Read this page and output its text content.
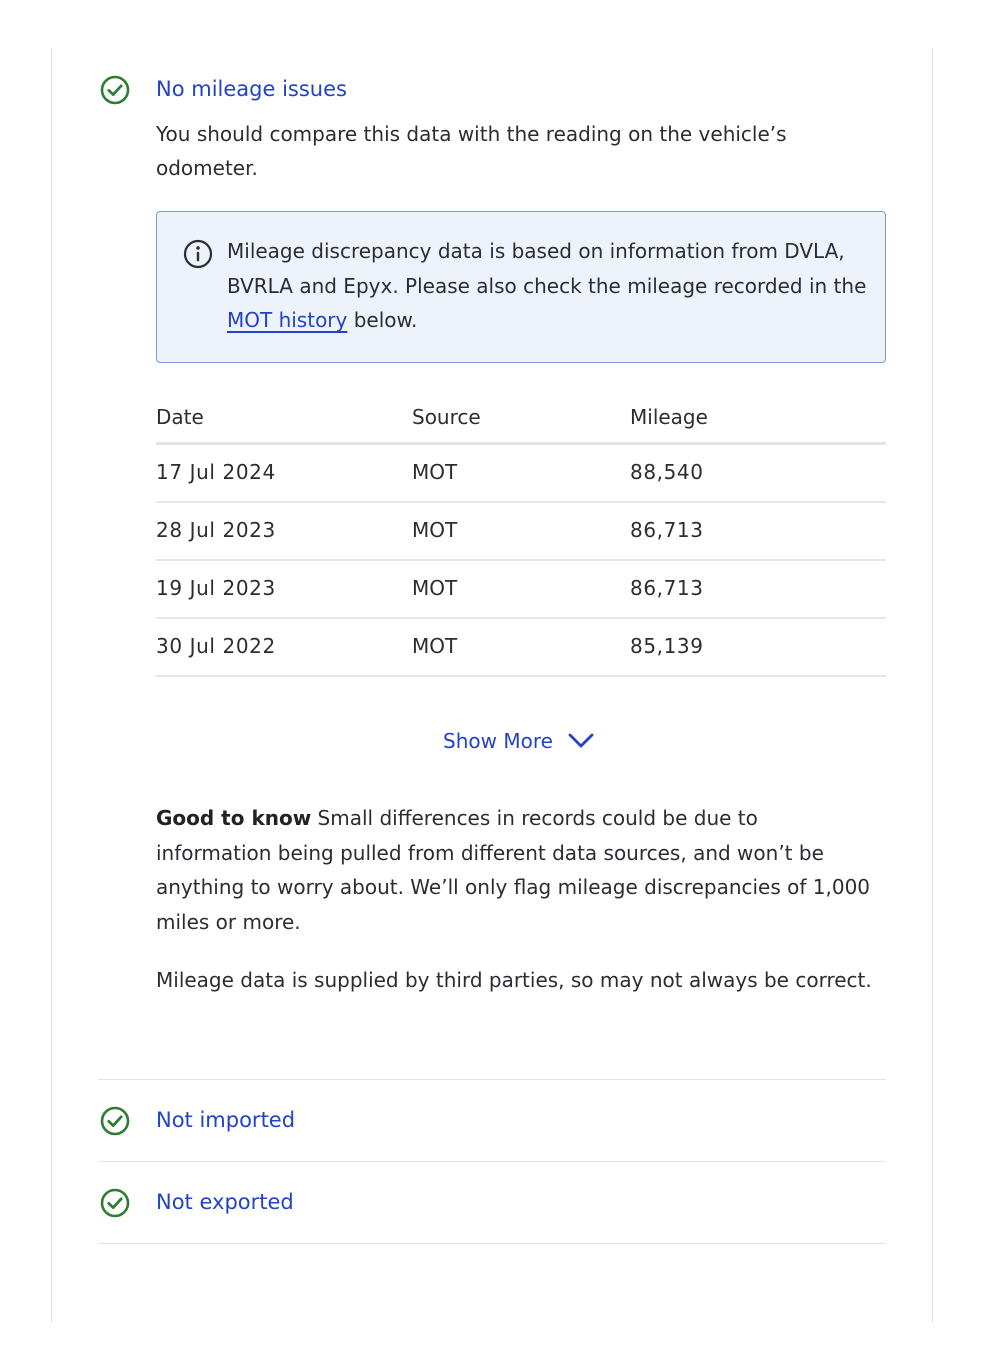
No mileage issues
You should compare this data with the reading on the vehicle’s odometer.
Mileage discrepancy data is based on information from DVLA, BVRLA and Epyx. Please also check the mileage recorded in the MOT history below.
Date	Source	Mileage
17 Jul 2024	MOT	88,540
28 Jul 2023	MOT	86,713
19 Jul 2023	MOT	86,713
30 Jul 2022	MOT	85,139
Show More
Good to know Small differences in records could be due to information being pulled from different data sources, and won’t be anything to worry about. We’ll only flag mileage discrepancies of 1,000 miles or more.
Mileage data is supplied by third parties, so may not always be correct.
Not imported
Not exported
